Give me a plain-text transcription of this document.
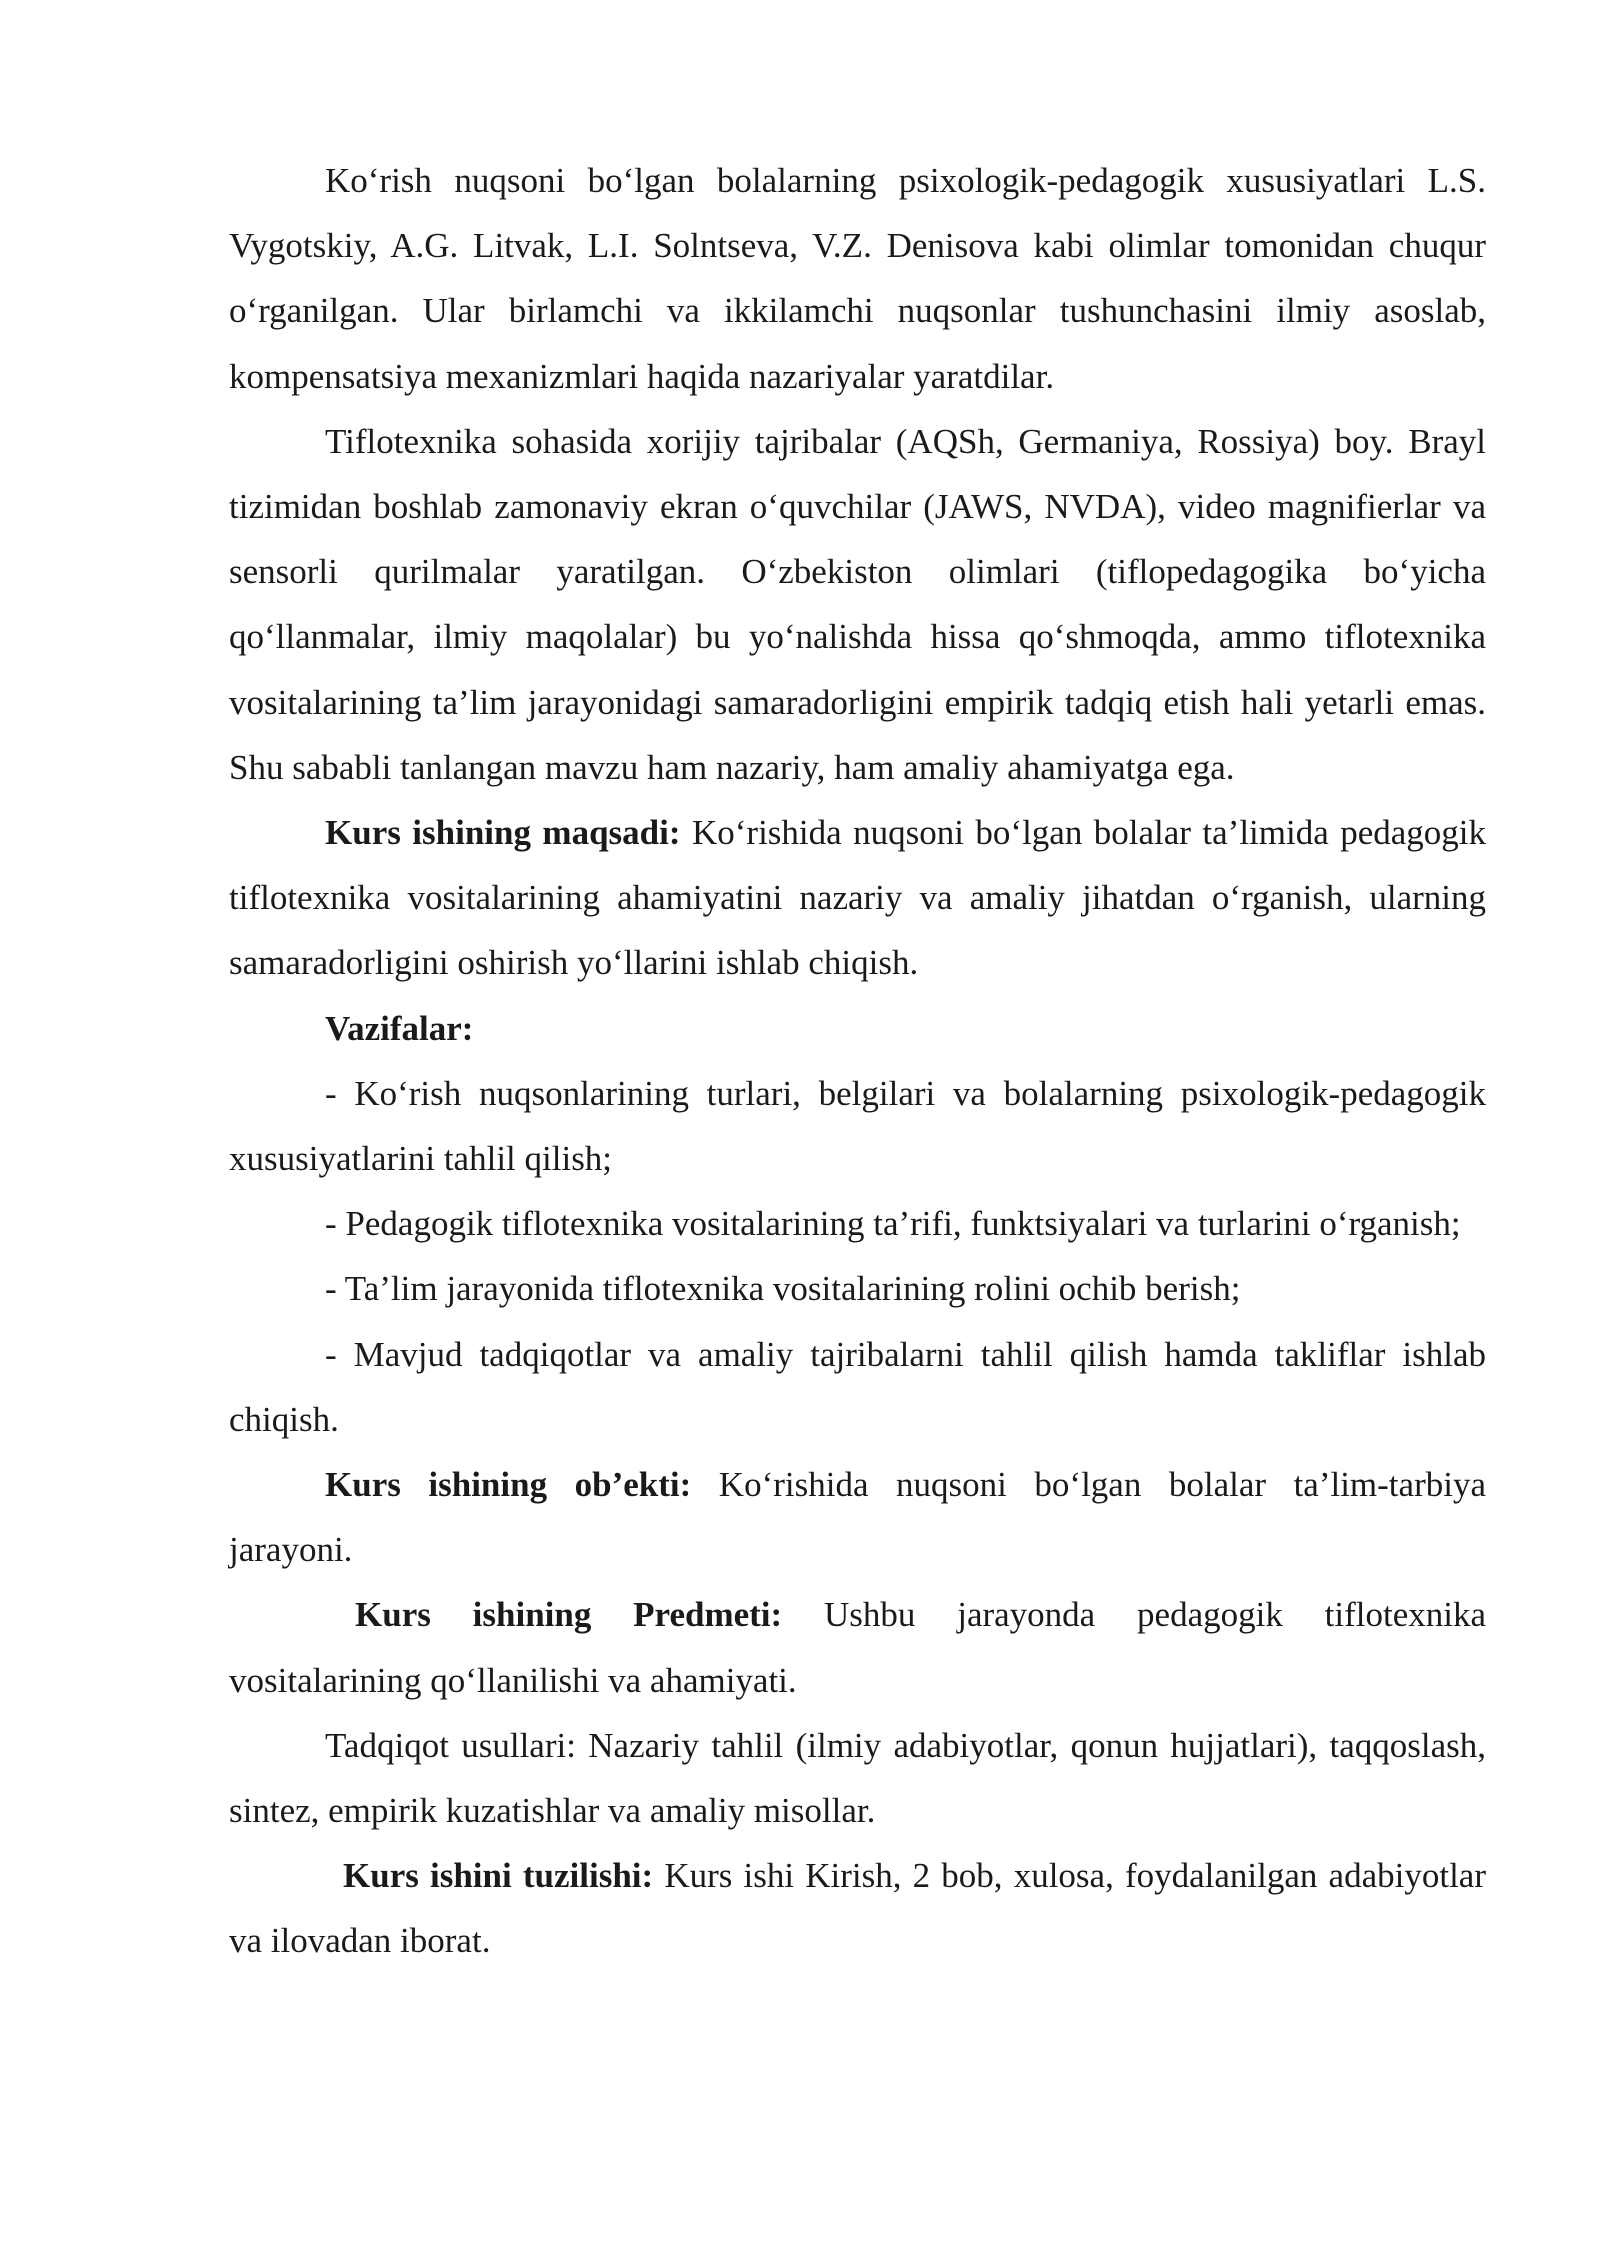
Ko‘rish nuqsoni bo‘lgan bolalarning psixologik-pedagogik xususiyatlari L.S. Vygotskiy, A.G. Litvak, L.I. Solntseva, V.Z. Denisova kabi olimlar tomonidan chuqur o‘rganilgan. Ular birlamchi va ikkilamchi nuqsonlar tushunchasini ilmiy asoslab, kompensatsiya mexanizmlari haqida nazariyalar yaratdilar.

Tiflotexnika sohasida xorijiy tajribalar (AQSh, Germaniya, Rossiya) boy. Brayl tizimidan boshlab zamonaviy ekran o‘quvchilar (JAWS, NVDA), video magnifierlar va sensorli qurilmalar yaratilgan. O‘zbekiston olimlari (tiflopedagogika bo‘yicha qo‘llanmalar, ilmiy maqolalar) bu yo‘nalishda hissa qo‘shmoqda, ammo tiflotexnika vositalarining ta’lim jarayonidagi samaradorligini empirik tadqiq etish hali yetarli emas. Shu sababli tanlangan mavzu ham nazariy, ham amaliy ahamiyatga ega.

Kurs ishining maqsadi: Ko‘rishida nuqsoni bo‘lgan bolalar ta’limida pedagogik tiflotexnika vositalarining ahamiyatini nazariy va amaliy jihatdan o‘rganish, ularning samaradorligini oshirish yo‘llarini ishlab chiqish.

Vazifalar:

- Ko‘rish nuqsonlarining turlari, belgilari va bolalarning psixologik-pedagogik xususiyatlarini tahlil qilish;

- Pedagogik tiflotexnika vositalarining ta’rifi, funktsiyalari va turlarini o‘rganish;

- Ta’lim jarayonida tiflotexnika vositalarining rolini ochib berish;

- Mavjud tadqiqotlar va amaliy tajribalarni tahlil qilish hamda takliflar ishlab chiqish.

Kurs ishining ob’ekti: Ko‘rishida nuqsoni bo‘lgan bolalar ta’lim-tarbiya jarayoni.

Kurs ishining Predmeti: Ushbu jarayonda pedagogik tiflotexnika vositalarining qo‘llanilishi va ahamiyati.

Tadqiqot usullari: Nazariy tahlil (ilmiy adabiyotlar, qonun hujjatlari), taqqoslash, sintez, empirik kuzatishlar va amaliy misollar.

Kurs ishini tuzilishi: Kurs ishi Kirish, 2 bob, xulosa, foydalanilgan adabiyotlar va ilovadan iborat.
